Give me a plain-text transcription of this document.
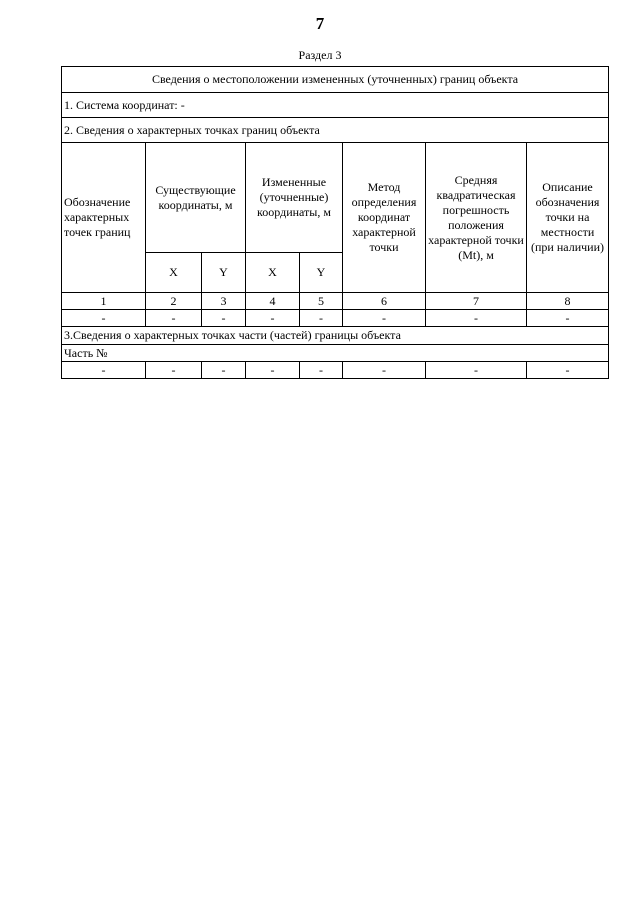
7
Раздел 3
Сведения о местоположении измененных (уточненных) границ объекта							
1. Система координат: -							
2. Сведения о характерных точках границ объекта							
Обозначение характерных точек границ	Существующие координаты, м		Измененные (уточненные) координаты, м		Метод определения координат характерной точки	Средняя квадратическая погрешность положения характерной точки (Mt), м	Описание обозначения точки на местности (при наличии)
	X	Y	X	Y			
1	2	3	4	5	6	7	8
-	-	-	-	-	-	-	-
3.Сведения о характерных точках части (частей) границы объекта							
Часть №							
-	-	-	-	-	-	-	-
